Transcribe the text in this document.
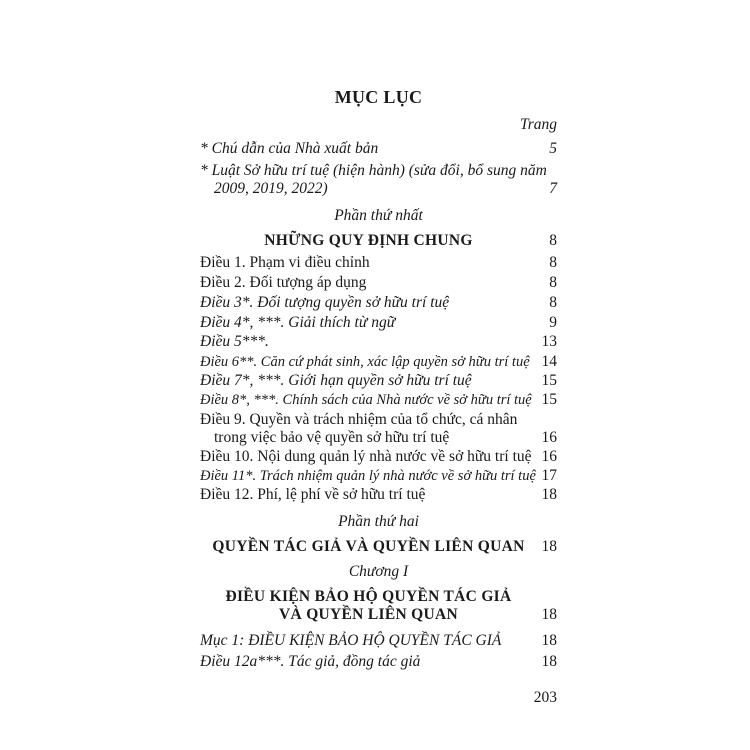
MỤC LỤC
Trang
* Chú dẫn của Nhà xuất bản	5
* Luật Sở hữu trí tuệ (hiện hành) (sửa đổi, bổ sung năm
2009, 2019, 2022)	7
Phần thứ nhất
NHỮNG QUY ĐỊNH CHUNG	8
Điều 1. Phạm vi điều chỉnh	8
Điều 2. Đối tượng áp dụng	8
Điều 3*. Đối tượng quyền sở hữu trí tuệ	8
Điều 4*, ***. Giải thích từ ngữ	9
Điều 5***.	13
Điều 6**. Căn cứ phát sinh, xác lập quyền sở hữu trí tuệ 14
Điều 7*, ***. Giới hạn quyền sở hữu trí tuệ	15
Điều 8*, ***. Chính sách của Nhà nước về sở hữu trí tuệ 15
Điều 9. Quyền và trách nhiệm của tổ chức, cá nhân
trong việc bảo vệ quyền sở hữu trí tuệ	16
Điều 10. Nội dung quản lý nhà nước về sở hữu trí tuệ 16
Điều 11*. Trách nhiệm quản lý nhà nước về sở hữu trí tuệ 17
Điều 12. Phí, lệ phí về sở hữu trí tuệ	18
Phần thứ hai
QUYỀN TÁC GIẢ VÀ QUYỀN LIÊN QUAN	18
Chương I
ĐIỀU KIỆN BẢO HỘ QUYỀN TÁC GIẢ
VÀ QUYỀN LIÊN QUAN	18
Mục 1: ĐIỀU KIỆN BẢO HỘ QUYỀN TÁC GIẢ	18
Điều 12a***. Tác giả, đồng tác giả	18
203
